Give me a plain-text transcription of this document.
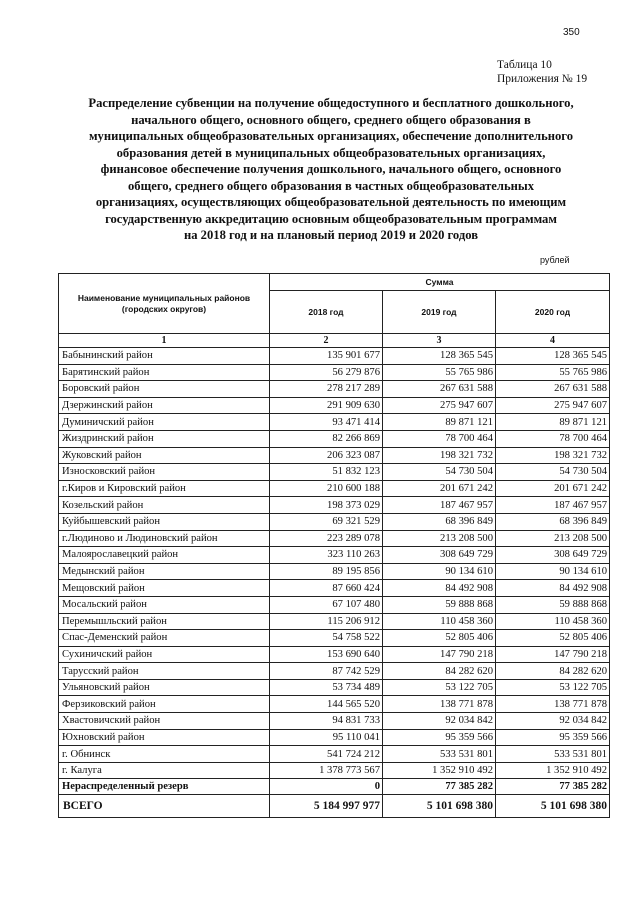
350
Таблица 10
Приложения № 19
Распределение субвенции на получение общедоступного и бесплатного дошкольного,
начального общего, основного общего, среднего общего образования в
муниципальных общеобразовательных организациях, обеспечение дополнительного
образования детей в муниципальных общеобразовательных организациях,
финансовое обеспечение получения дошкольного, начального общего, основного
общего, среднего общего образования в частных общеобразовательных
организациях, осуществляющих общеобразовательной деятельность по имеющим
государственную аккредитацию основным общеобразовательным программам
на 2018 год и на плановый период 2019 и 2020 годов
рублей
Наименование муниципальных районов (городских округов)	Сумма		
	2018 год	2019 год	2020 год
1	2	3	4
Бабынинский район	135 901 677	128 365 545	128 365 545
Барятинский район	56 279 876	55 765 986	55 765 986
Боровский район	278 217 289	267 631 588	267 631 588
Дзержинский район	291 909 630	275 947 607	275 947 607
Думиничский район	93 471 414	89 871 121	89 871 121
Жиздринский район	82 266 869	78 700 464	78 700 464
Жуковский район	206 323 087	198 321 732	198 321 732
Износковский район	51 832 123	54 730 504	54 730 504
г.Киров и Кировский район	210 600 188	201 671 242	201 671 242
Козельский район	198 373 029	187 467 957	187 467 957
Куйбышевский район	69 321 529	68 396 849	68 396 849
г.Людиново и Людиновский район	223 289 078	213 208 500	213 208 500
Малоярославецкий район	323 110 263	308 649 729	308 649 729
Медынский район	89 195 856	90 134 610	90 134 610
Мещовский район	87 660 424	84 492 908	84 492 908
Мосальский район	67 107 480	59 888 868	59 888 868
Перемышльский район	115 206 912	110 458 360	110 458 360
Спас-Деменский район	54 758 522	52 805 406	52 805 406
Сухиничский район	153 690 640	147 790 218	147 790 218
Тарусский район	87 742 529	84 282 620	84 282 620
Ульяновский район	53 734 489	53 122 705	53 122 705
Ферзиковский район	144 565 520	138 771 878	138 771 878
Хвастовичский район	94 831 733	92 034 842	92 034 842
Юхновский район	95 110 041	95 359 566	95 359 566
г. Обнинск	541 724 212	533 531 801	533 531 801
г. Калуга	1 378 773 567	1 352 910 492	1 352 910 492
Нераспределенный резерв	0	77 385 282	77 385 282
ВСЕГО	5 184 997 977	5 101 698 380	5 101 698 380
